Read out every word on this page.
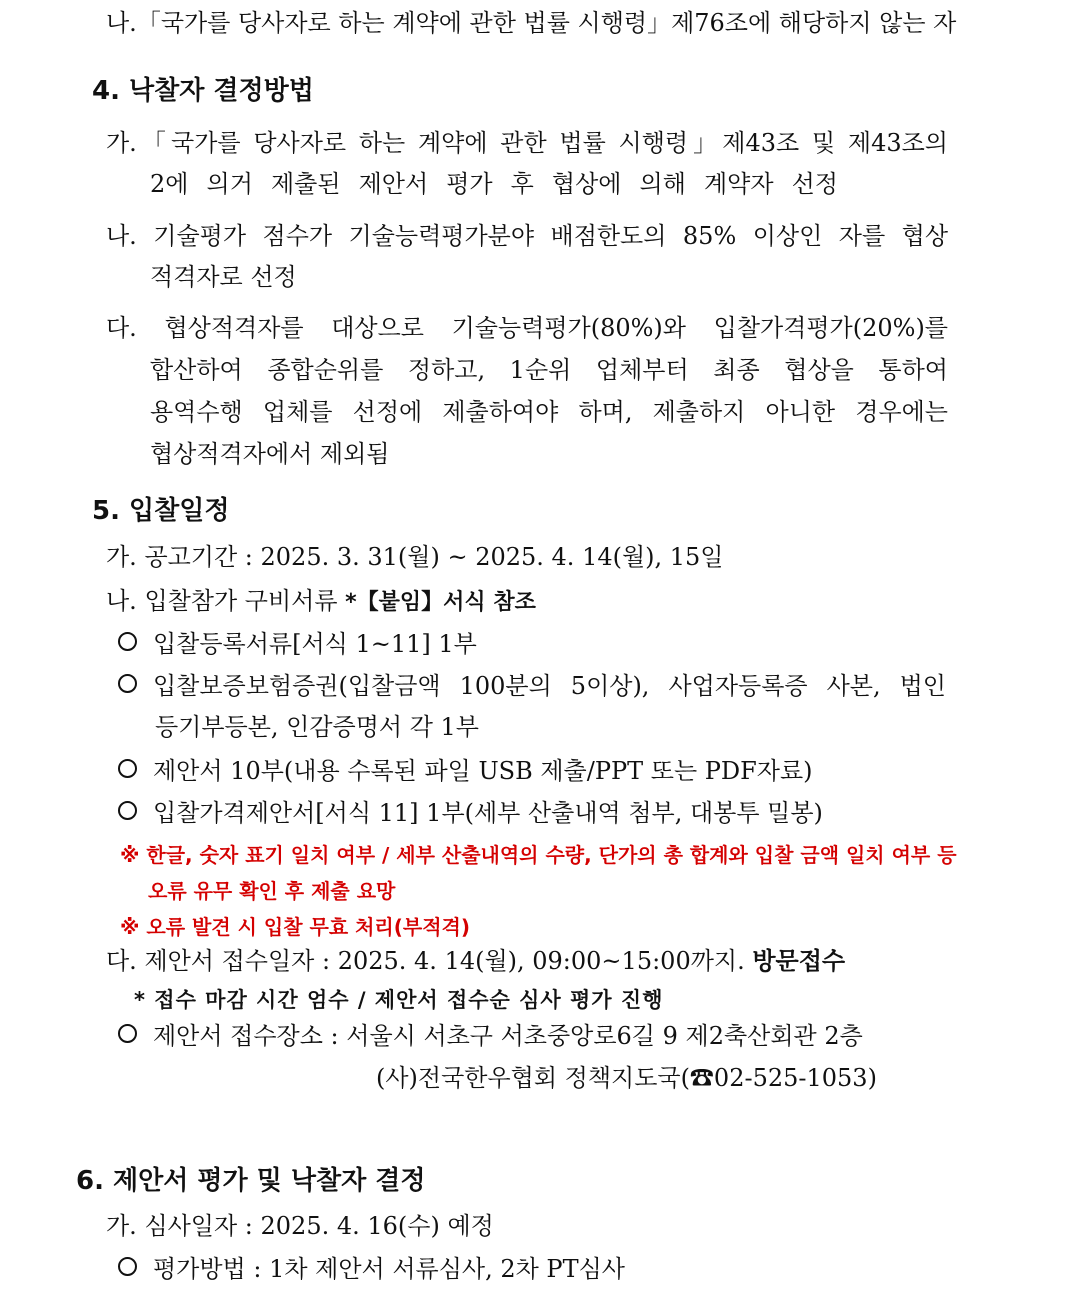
나.「국가를 당사자로 하는 계약에 관한 법률 시행령」제76조에 해당하지 않는 자
4. 낙찰자 결정방법
가.「국가를 당사자로 하는 계약에 관한 법률 시행령」제43조 및 제43조의
2에 의거 제출된 제안서 평가 후 협상에 의해 계약자 선정
나. 기술평가 점수가 기술능력평가분야 배점한도의 85% 이상인 자를 협상
적격자로 선정
다. 협상적격자를 대상으로 기술능력평가(80%)와 입찰가격평가(20%)를
합산하여 종합순위를 정하고, 1순위 업체부터 최종 협상을 통하여
용역수행 업체를 선정에 제출하여야 하며, 제출하지 아니한 경우에는
협상적격자에서 제외됨
5. 입찰일정
가. 공고기간 : 2025. 3. 31(월) ~ 2025. 4. 14(월), 15일
나. 입찰참가 구비서류 *【붙임】서식 참조
입찰등록서류[서식 1~11] 1부
입찰보증보험증권(입찰금액 100분의 5이상), 사업자등록증 사본, 법인
등기부등본, 인감증명서 각 1부
제안서 10부(내용 수록된 파일 USB 제출/PPT 또는 PDF자료)
입찰가격제안서[서식 11] 1부(세부 산출내역 첨부, 대봉투 밀봉)
※ 한글, 숫자 표기 일치 여부 / 세부 산출내역의 수량, 단가의 총 합계와 입찰 금액 일치 여부 등
오류 유무 확인 후 제출 요망
※ 오류 발견 시 입찰 무효 처리(부적격)
다. 제안서 접수일자 : 2025. 4. 14(월), 09:00~15:00까지. 방문접수
* 접수 마감 시간 엄수 / 제안서 접수순 심사 평가 진행
제안서 접수장소 : 서울시 서초구 서초중앙로6길 9 제2축산회관 2층
(사)전국한우협회 정책지도국(☎02-525-1053)
6. 제안서 평가 및 낙찰자 결정
가. 심사일자 : 2025. 4. 16(수) 예정
평가방법 : 1차 제안서 서류심사, 2차 PT심사
